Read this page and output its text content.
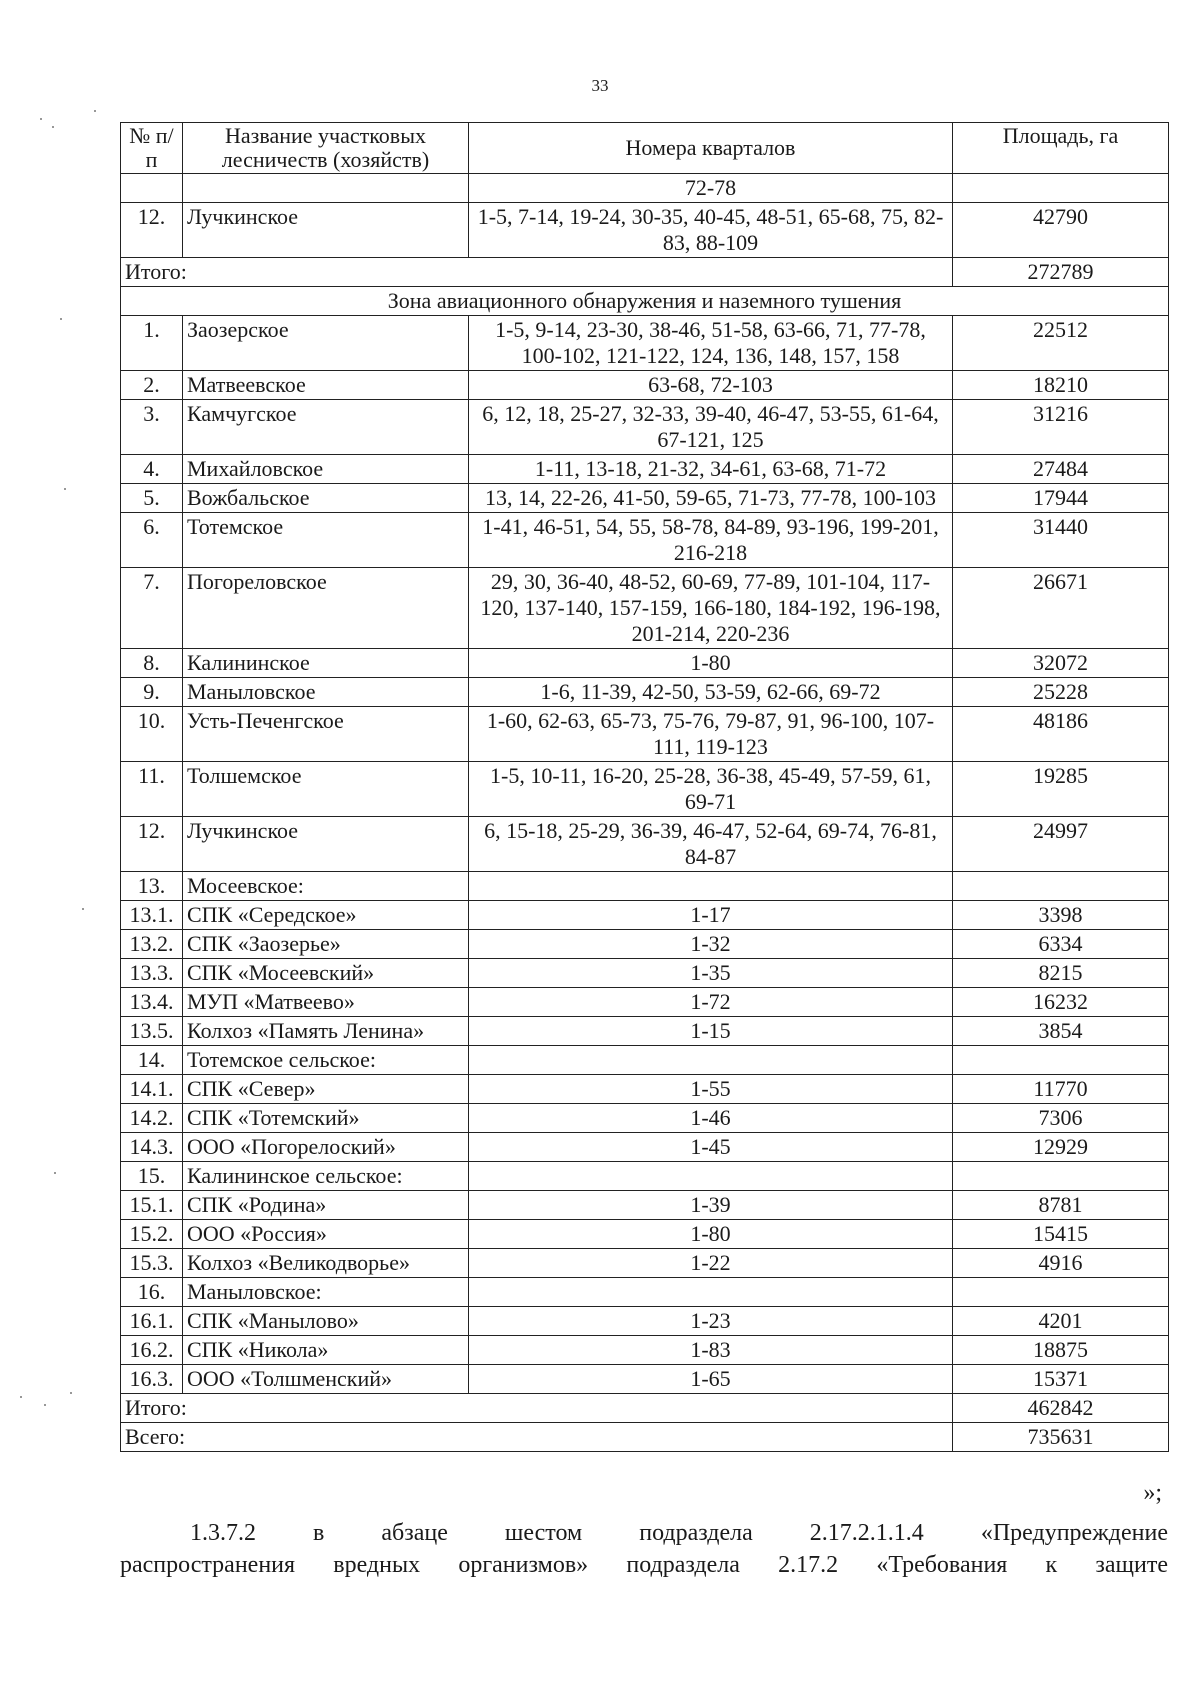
33
№ п/п	Название участковых лесничеств (хозяйств)	Номера кварталов	Площадь, га
		72-78	
12.	Лучкинское	1-5, 7-14, 19-24, 30-35, 40-45, 48-51, 65-68, 75, 82-83, 88-109	42790
Итого:			272789
Зона авиационного обнаружения и наземного тушения			
1.	Заозерское	1-5, 9-14, 23-30, 38-46, 51-58, 63-66, 71, 77-78, 100-102, 121-122, 124, 136, 148, 157, 158	22512
2.	Матвеевское	63-68, 72-103	18210
3.	Камчугское	6, 12, 18, 25-27, 32-33, 39-40, 46-47, 53-55, 61-64, 67-121, 125	31216
4.	Михайловское	1-11, 13-18, 21-32, 34-61, 63-68, 71-72	27484
5.	Вожбальское	13, 14, 22-26, 41-50, 59-65, 71-73, 77-78, 100-103	17944
6.	Тотемское	1-41, 46-51, 54, 55, 58-78, 84-89, 93-196, 199-201, 216-218	31440
7.	Погореловское	29, 30, 36-40, 48-52, 60-69, 77-89, 101-104, 117-120, 137-140, 157-159, 166-180, 184-192, 196-198, 201-214, 220-236	26671
8.	Калининское	1-80	32072
9.	Маныловское	1-6, 11-39, 42-50, 53-59, 62-66, 69-72	25228
10.	Усть-Печенгское	1-60, 62-63, 65-73, 75-76, 79-87, 91, 96-100, 107-111, 119-123	48186
11.	Толшемское	1-5, 10-11, 16-20, 25-28, 36-38, 45-49, 57-59, 61, 69-71	19285
12.	Лучкинское	6, 15-18, 25-29, 36-39, 46-47, 52-64, 69-74, 76-81, 84-87	24997
13.	Мосеевское:		
13.1.	СПК «Середское»	1-17	3398
13.2.	СПК «Заозерье»	1-32	6334
13.3.	СПК «Мосеевский»	1-35	8215
13.4.	МУП «Матвеево»	1-72	16232
13.5.	Колхоз «Память Ленина»	1-15	3854
14.	Тотемское сельское:		
14.1.	СПК «Север»	1-55	11770
14.2.	СПК «Тотемский»	1-46	7306
14.3.	ООО «Погорелоский»	1-45	12929
15.	Калининское сельское:		
15.1.	СПК «Родина»	1-39	8781
15.2.	ООО «Россия»	1-80	15415
15.3.	Колхоз «Великодворье»	1-22	4916
16.	Маныловское:		
16.1.	СПК «Манылово»	1-23	4201
16.2.	СПК «Никола»	1-83	18875
16.3.	ООО «Толшменский»	1-65	15371
Итого:			462842
Всего:			735631
»;
1.3.7.2 в абзаце шестом подраздела 2.17.2.1.1.4 «Предупреждение
распространения вредных организмов» подраздела 2.17.2 «Требования к защите
